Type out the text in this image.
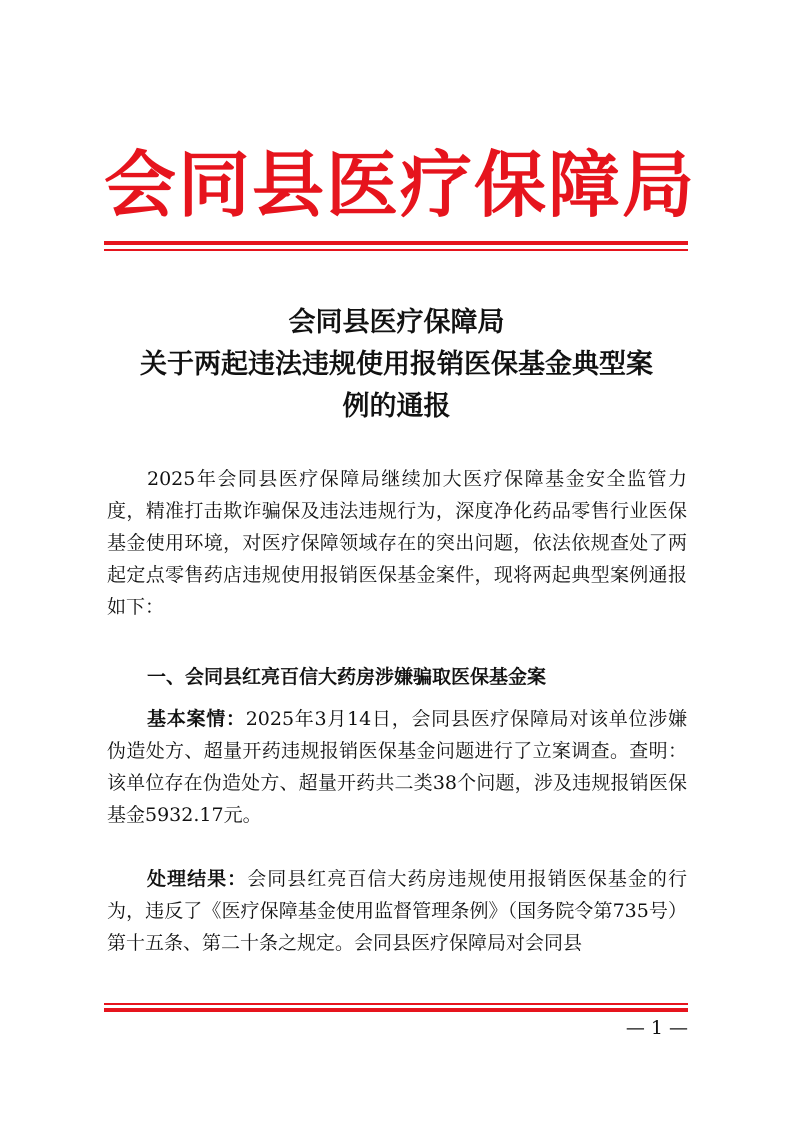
会同县医疗保障局
会同县医疗保障局
关于两起违法违规使用报销医保基金典型案
例的通报

2025年会同县医疗保障局继续加大医疗保障基金安全监管力度，精准打击欺诈骗保及违法违规行为，深度净化药品零售行业医保基金使用环境，对医疗保障领域存在的突出问题，依法依规查处了两起定点零售药店违规使用报销医保基金案件，现将两起典型案例通报如下：

一、会同县红亮百信大药房涉嫌骗取医保基金案

基本案情：2025年3月14日，会同县医疗保障局对该单位涉嫌伪造处方、超量开药违规报销医保基金问题进行了立案调查。查明：该单位存在伪造处方、超量开药共二类38个问题，涉及违规报销医保基金5932.17元。

处理结果：会同县红亮百信大药房违规使用报销医保基金的行为，违反了《医疗保障基金使用监督管理条例》（国务院令第735号）第十五条、第二十条之规定。会同县医疗保障局对会同县

— 1 —
